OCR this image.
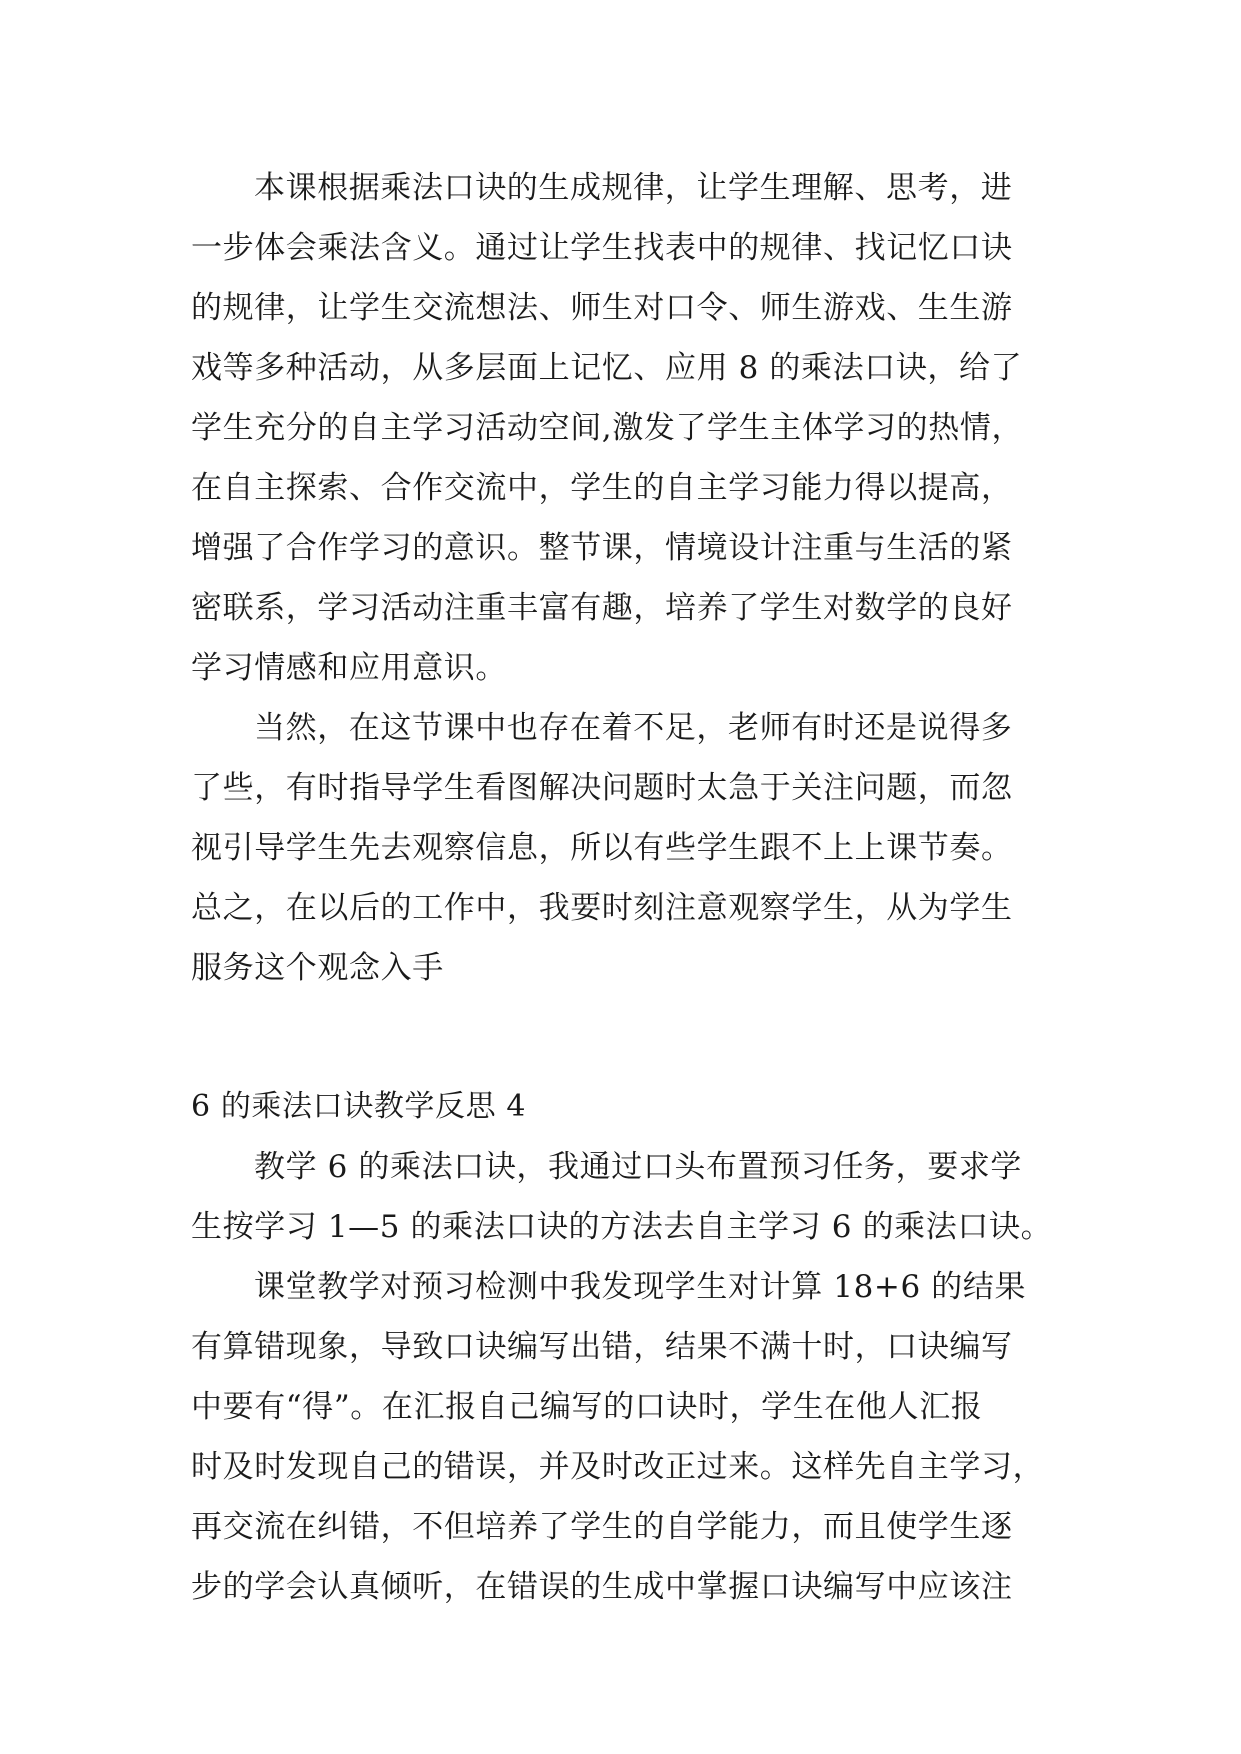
本课根据乘法口诀的生成规律，让学生理解、思考，进
一步体会乘法含义。通过让学生找表中的规律、找记忆口诀
的规律，让学生交流想法、师生对口令、师生游戏、生生游
戏等多种活动，从多层面上记忆、应用 8 的乘法口诀，给了
学生充分的自主学习活动空间,激发了学生主体学习的热情，
在自主探索、合作交流中，学生的自主学习能力得以提高，
增强了合作学习的意识。整节课，情境设计注重与生活的紧
密联系，学习活动注重丰富有趣，培养了学生对数学的良好
学习情感和应用意识。
当然，在这节课中也存在着不足，老师有时还是说得多
了些，有时指导学生看图解决问题时太急于关注问题，而忽
视引导学生先去观察信息，所以有些学生跟不上上课节奏。
总之，在以后的工作中，我要时刻注意观察学生，从为学生
服务这个观念入手
6 的乘法口诀教学反思 4
教学 6 的乘法口诀，我通过口头布置预习任务，要求学
生按学习 1—5 的乘法口诀的方法去自主学习 6 的乘法口诀。
课堂教学对预习检测中我发现学生对计算 18+6 的结果
有算错现象，导致口诀编写出错，结果不满十时，口诀编写
中要有“得”。在汇报自己编写的口诀时，学生在他人汇报
时及时发现自己的错误，并及时改正过来。这样先自主学习，
再交流在纠错，不但培养了学生的自学能力，而且使学生逐
步的学会认真倾听，在错误的生成中掌握口诀编写中应该注
